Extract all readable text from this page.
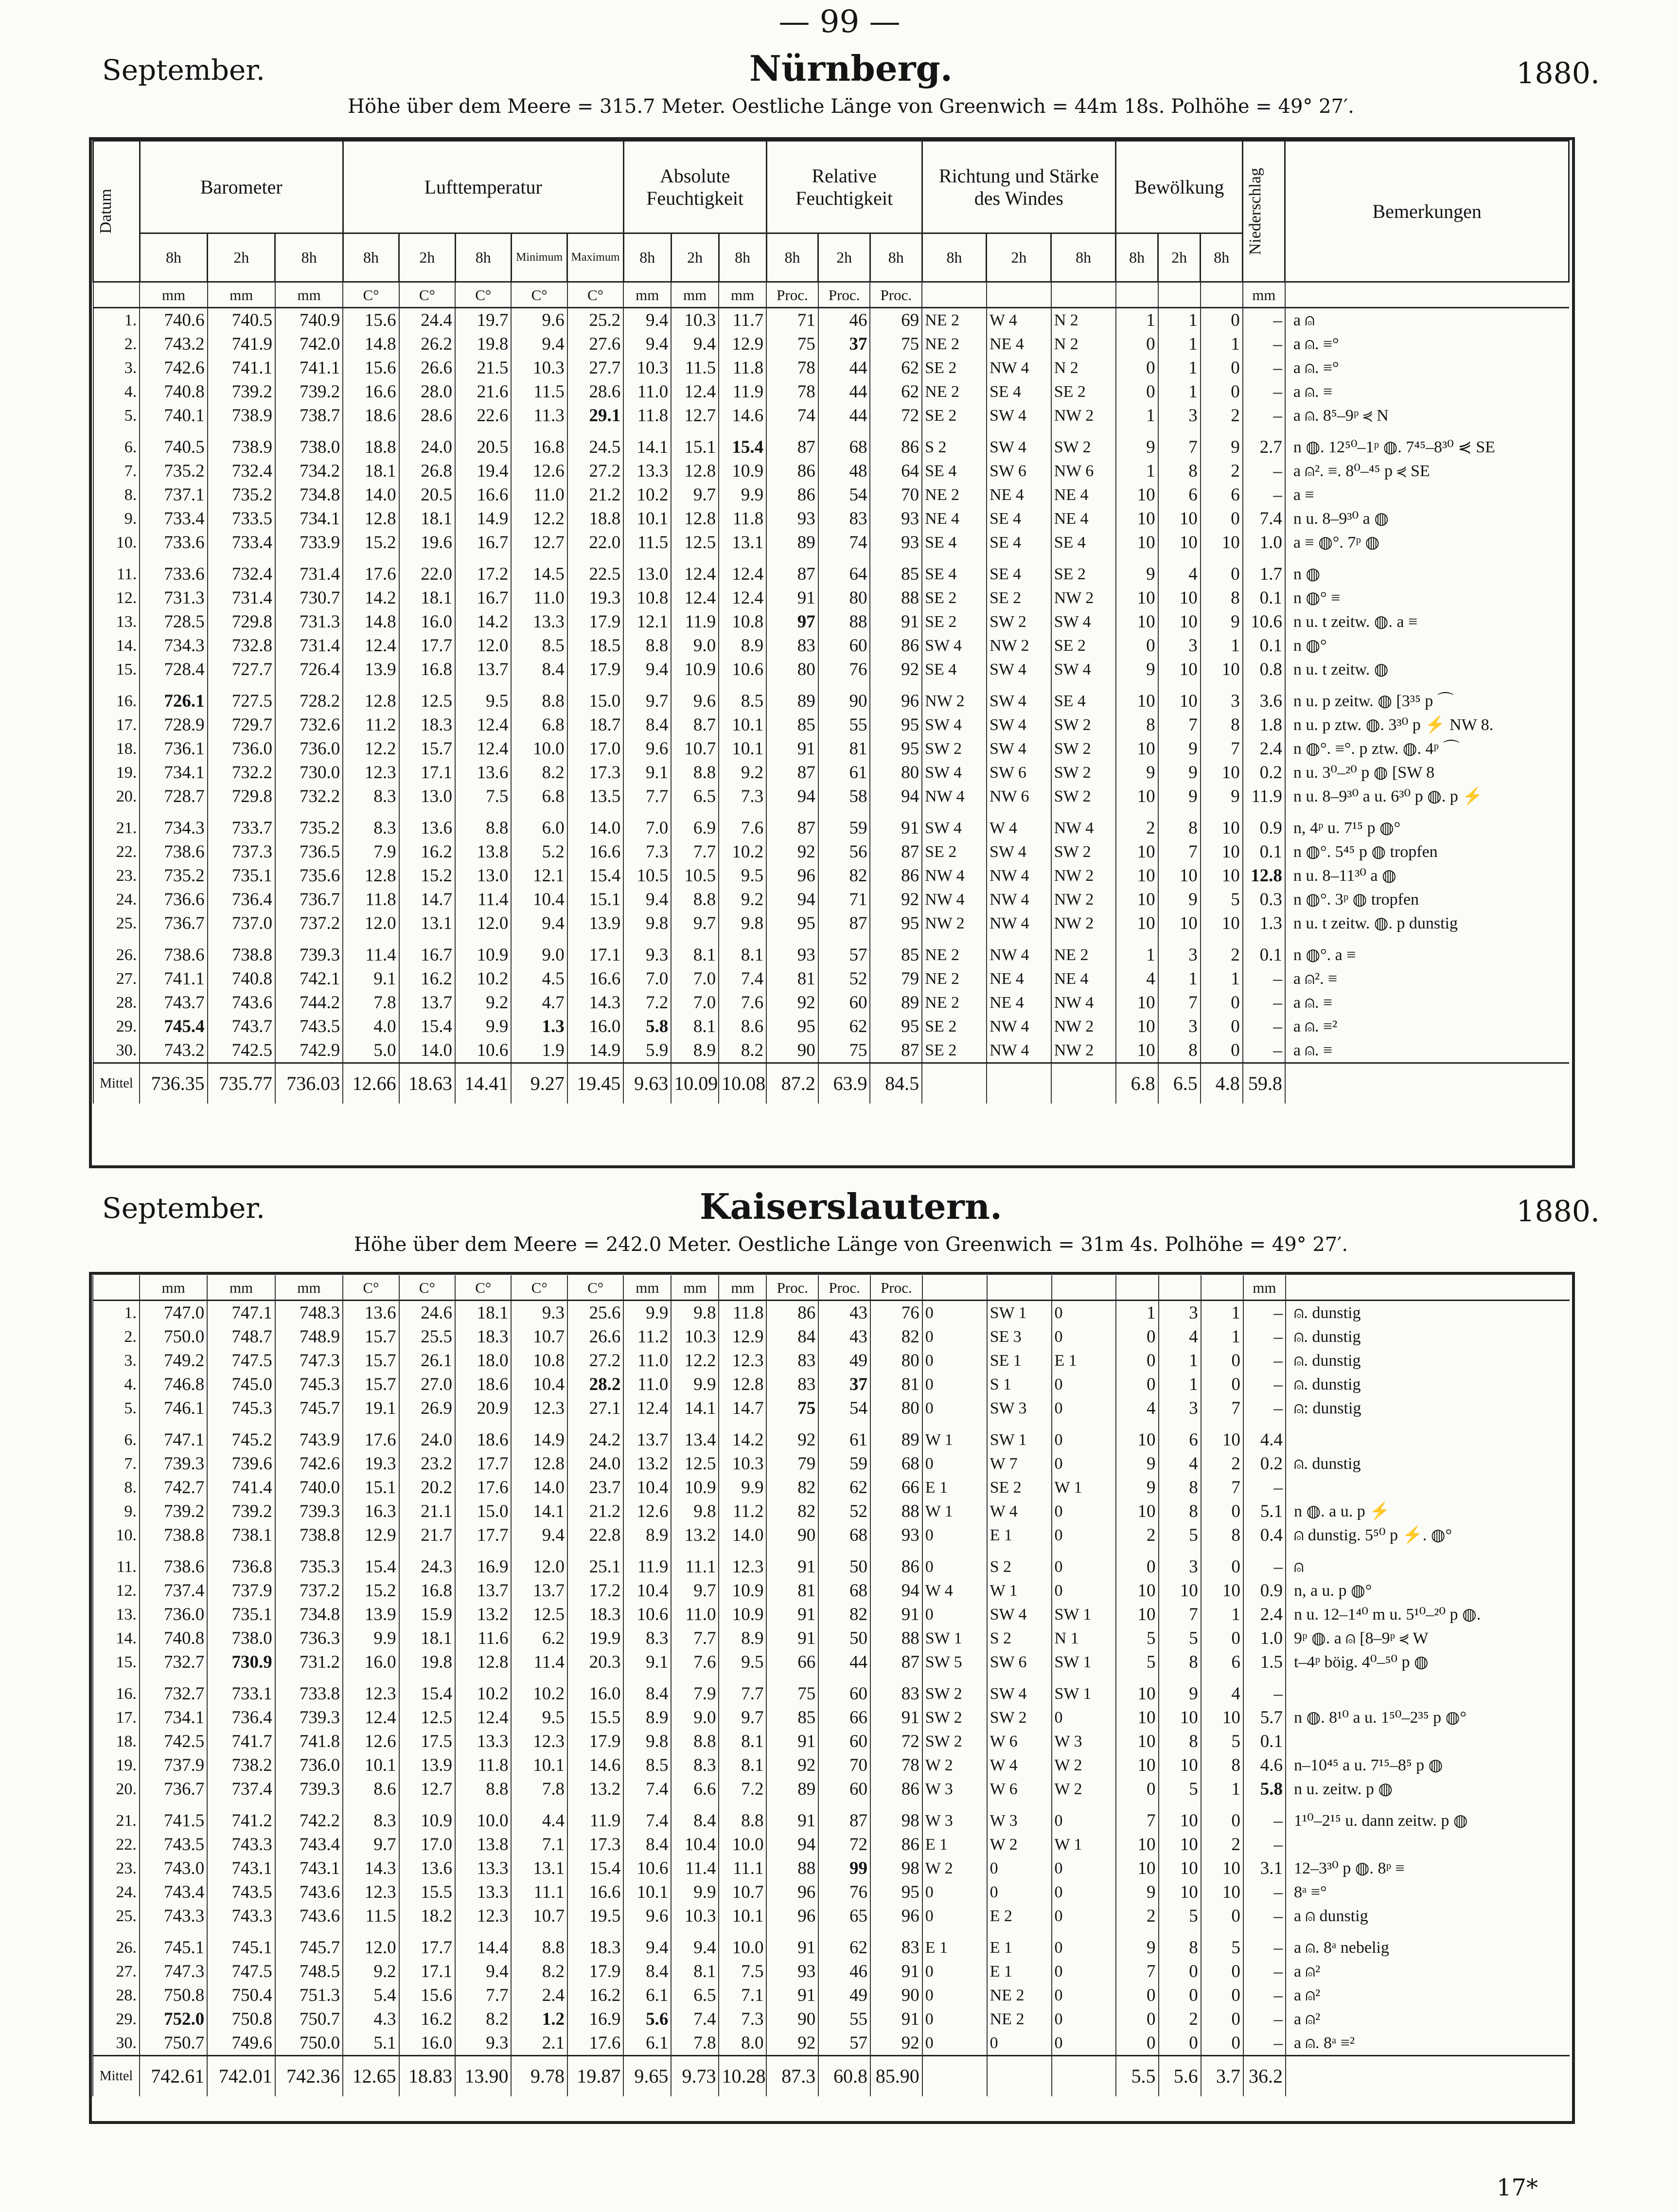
— 99 —
September.	Nürnberg.	1880.
Höhe über dem Meere = 315.7 Meter. Oestliche Länge von Greenwich = 44m 18s. Polhöhe = 49° 27′.
Datum	Barometer			Lufttemperatur					Absolute Feuchtigkeit			Relative Feuchtigkeit			Richtung und Stärke des Windes			Bewölkung			Niederschlag	Bemerkungen
	8h	2h	8h	8h	2h	8h	Minimum	Maximum	8h	2h	8h	8h	2h	8h	8h	2h	8h	8h	2h	8h		
	mm	mm	mm	C°	C°	C°	C°	C°	mm	mm	mm	Proc.	Proc.	Proc.							mm	
1.	740.6	740.5	740.9	15.6	24.4	19.7	9.6	25.2	9.4	10.3	11.7	71	46	69	NE 2	W 4	N 2	1	1	0	–	a ⍝
2.	743.2	741.9	742.0	14.8	26.2	19.8	9.4	27.6	9.4	9.4	12.9	75	37	75	NE 2	NE 4	N 2	0	1	1	–	a ⍝. ≡°
3.	742.6	741.1	741.1	15.6	26.6	21.5	10.3	27.7	10.3	11.5	11.8	78	44	62	SE 2	NW 4	N 2	0	1	0	–	a ⍝. ≡°
4.	740.8	739.2	739.2	16.6	28.0	21.6	11.5	28.6	11.0	12.4	11.9	78	44	62	NE 2	SE 4	SE 2	0	1	0	–	a ⍝. ≡
5.	740.1	738.9	738.7	18.6	28.6	22.6	11.3	29.1	11.8	12.7	14.6	74	44	72	SE 2	SW 4	NW 2	1	3	2	–	a ⍝. 8⁵–9ᵖ ⋞ N
6.	740.5	738.9	738.0	18.8	24.0	20.5	16.8	24.5	14.1	15.1	15.4	87	68	86	S 2	SW 4	SW 2	9	7	9	2.7	n ◍. 12⁵⁰–1ᵖ ◍. 7⁴⁵–8³⁰ ⋞ SE
7.	735.2	732.4	734.2	18.1	26.8	19.4	12.6	27.2	13.3	12.8	10.9	86	48	64	SE 4	SW 6	NW 6	1	8	2	–	a ⍝². ≡. 8⁰–⁴⁵ p ⋞ SE
8.	737.1	735.2	734.8	14.0	20.5	16.6	11.0	21.2	10.2	9.7	9.9	86	54	70	NE 2	NE 4	NE 4	10	6	6	–	a ≡
9.	733.4	733.5	734.1	12.8	18.1	14.9	12.2	18.8	10.1	12.8	11.8	93	83	93	NE 4	SE 4	NE 4	10	10	0	7.4	n u. 8–9³⁰ a ◍
10.	733.6	733.4	733.9	15.2	19.6	16.7	12.7	22.0	11.5	12.5	13.1	89	74	93	SE 4	SE 4	SE 4	10	10	10	1.0	a ≡ ◍°. 7ᵖ ◍
11.	733.6	732.4	731.4	17.6	22.0	17.2	14.5	22.5	13.0	12.4	12.4	87	64	85	SE 4	SE 4	SE 2	9	4	0	1.7	n ◍
12.	731.3	731.4	730.7	14.2	18.1	16.7	11.0	19.3	10.8	12.4	12.4	91	80	88	SE 2	SE 2	NW 2	10	10	8	0.1	n ◍° ≡
13.	728.5	729.8	731.3	14.8	16.0	14.2	13.3	17.9	12.1	11.9	10.8	97	88	91	SE 2	SW 2	SW 4	10	10	9	10.6	n u. t zeitw. ◍. a ≡
14.	734.3	732.8	731.4	12.4	17.7	12.0	8.5	18.5	8.8	9.0	8.9	83	60	86	SW 4	NW 2	SE 2	0	3	1	0.1	n ◍°
15.	728.4	727.7	726.4	13.9	16.8	13.7	8.4	17.9	9.4	10.9	10.6	80	76	92	SE 4	SW 4	SW 4	9	10	10	0.8	n u. t zeitw. ◍
16.	726.1	727.5	728.2	12.8	12.5	9.5	8.8	15.0	9.7	9.6	8.5	89	90	96	NW 2	SW 4	SE 4	10	10	3	3.6	n u. p zeitw. ◍ [3³⁵ p ⌒
17.	728.9	729.7	732.6	11.2	18.3	12.4	6.8	18.7	8.4	8.7	10.1	85	55	95	SW 4	SW 4	SW 2	8	7	8	1.8	n u. p ztw. ◍. 3³⁰ p ⚡ NW 8.
18.	736.1	736.0	736.0	12.2	15.7	12.4	10.0	17.0	9.6	10.7	10.1	91	81	95	SW 2	SW 4	SW 2	10	9	7	2.4	n ◍°. ≡°. p ztw. ◍. 4ᵖ ⌒
19.	734.1	732.2	730.0	12.3	17.1	13.6	8.2	17.3	9.1	8.8	9.2	87	61	80	SW 4	SW 6	SW 2	9	9	10	0.2	n u. 3⁰–²⁰ p ◍ [SW 8
20.	728.7	729.8	732.2	8.3	13.0	7.5	6.8	13.5	7.7	6.5	7.3	94	58	94	NW 4	NW 6	SW 2	10	9	9	11.9	n u. 8–9³⁰ a u. 6³⁰ p ◍. p ⚡
21.	734.3	733.7	735.2	8.3	13.6	8.8	6.0	14.0	7.0	6.9	7.6	87	59	91	SW 4	W 4	NW 4	2	8	10	0.9	n, 4ᵖ u. 7¹⁵ p ◍°
22.	738.6	737.3	736.5	7.9	16.2	13.8	5.2	16.6	7.3	7.7	10.2	92	56	87	SE 2	SW 4	SW 2	10	7	10	0.1	n ◍°. 5⁴⁵ p ◍ tropfen
23.	735.2	735.1	735.6	12.8	15.2	13.0	12.1	15.4	10.5	10.5	9.5	96	82	86	NW 4	NW 4	NW 2	10	10	10	12.8	n u. 8–11³⁰ a ◍
24.	736.6	736.4	736.7	11.8	14.7	11.4	10.4	15.1	9.4	8.8	9.2	94	71	92	NW 4	NW 4	NW 2	10	9	5	0.3	n ◍°. 3ᵖ ◍ tropfen
25.	736.7	737.0	737.2	12.0	13.1	12.0	9.4	13.9	9.8	9.7	9.8	95	87	95	NW 2	NW 4	NW 2	10	10	10	1.3	n u. t zeitw. ◍. p dunstig
26.	738.6	738.8	739.3	11.4	16.7	10.9	9.0	17.1	9.3	8.1	8.1	93	57	85	NE 2	NW 4	NE 2	1	3	2	0.1	n ◍°. a ≡
27.	741.1	740.8	742.1	9.1	16.2	10.2	4.5	16.6	7.0	7.0	7.4	81	52	79	NE 2	NE 4	NE 4	4	1	1	–	a ⍝². ≡
28.	743.7	743.6	744.2	7.8	13.7	9.2	4.7	14.3	7.2	7.0	7.6	92	60	89	NE 2	NE 4	NW 4	10	7	0	–	a ⍝. ≡
29.	745.4	743.7	743.5	4.0	15.4	9.9	1.3	16.0	5.8	8.1	8.6	95	62	95	SE 2	NW 4	NW 2	10	3	0	–	a ⍝. ≡²
30.	743.2	742.5	742.9	5.0	14.0	10.6	1.9	14.9	5.9	8.9	8.2	90	75	87	SE 2	NW 4	NW 2	10	8	0	–	a ⍝. ≡
Mittel	736.35	735.77	736.03	12.66	18.63	14.41	9.27	19.45	9.63	10.09	10.08	87.2	63.9	84.5				6.8	6.5	4.8	59.8	
September.	Kaiserslautern.	1880.
Höhe über dem Meere = 242.0 Meter. Oestliche Länge von Greenwich = 31m 4s. Polhöhe = 49° 27′.
	mm	mm	mm	C°	C°	C°	C°	C°	mm	mm	mm	Proc.	Proc.	Proc.							mm	
1.	747.0	747.1	748.3	13.6	24.6	18.1	9.3	25.6	9.9	9.8	11.8	86	43	76	0	SW 1	0	1	3	1	–	⍝. dunstig
2.	750.0	748.7	748.9	15.7	25.5	18.3	10.7	26.6	11.2	10.3	12.9	84	43	82	0	SE 3	0	0	4	1	–	⍝. dunstig
3.	749.2	747.5	747.3	15.7	26.1	18.0	10.8	27.2	11.0	12.2	12.3	83	49	80	0	SE 1	E 1	0	1	0	–	⍝. dunstig
4.	746.8	745.0	745.3	15.7	27.0	18.6	10.4	28.2	11.0	9.9	12.8	83	37	81	0	S 1	0	0	1	0	–	⍝. dunstig
5.	746.1	745.3	745.7	19.1	26.9	20.9	12.3	27.1	12.4	14.1	14.7	75	54	80	0	SW 3	0	4	3	7	–	⍝: dunstig
6.	747.1	745.2	743.9	17.6	24.0	18.6	14.9	24.2	13.7	13.4	14.2	92	61	89	W 1	SW 1	0	10	6	10	4.4	
7.	739.3	739.6	742.6	19.3	23.2	17.7	12.8	24.0	13.2	12.5	10.3	79	59	68	0	W 7	0	9	4	2	0.2	⍝. dunstig
8.	742.7	741.4	740.0	15.1	20.2	17.6	14.0	23.7	10.4	10.9	9.9	82	62	66	E 1	SE 2	W 1	9	8	7	–	
9.	739.2	739.2	739.3	16.3	21.1	15.0	14.1	21.2	12.6	9.8	11.2	82	52	88	W 1	W 4	0	10	8	0	5.1	n ◍. a u. p ⚡
10.	738.8	738.1	738.8	12.9	21.7	17.7	9.4	22.8	8.9	13.2	14.0	90	68	93	0	E 1	0	2	5	8	0.4	⍝ dunstig. 5⁵⁰ p ⚡. ◍°
11.	738.6	736.8	735.3	15.4	24.3	16.9	12.0	25.1	11.9	11.1	12.3	91	50	86	0	S 2	0	0	3	0	–	⍝
12.	737.4	737.9	737.2	15.2	16.8	13.7	13.7	17.2	10.4	9.7	10.9	81	68	94	W 4	W 1	0	10	10	10	0.9	n, a u. p ◍°
13.	736.0	735.1	734.8	13.9	15.9	13.2	12.5	18.3	10.6	11.0	10.9	91	82	91	0	SW 4	SW 1	10	7	1	2.4	n u. 12–1⁴⁰ m u. 5¹⁰–²⁰ p ◍.
14.	740.8	738.0	736.3	9.9	18.1	11.6	6.2	19.9	8.3	7.7	8.9	91	50	88	SW 1	S 2	N 1	5	5	0	1.0	9ᵖ ◍. a ⍝ [8–9ᵖ ⋞ W
15.	732.7	730.9	731.2	16.0	19.8	12.8	11.4	20.3	9.1	7.6	9.5	66	44	87	SW 5	SW 6	SW 1	5	8	6	1.5	t–4ᵖ böig. 4⁰–⁵⁰ p ◍
16.	732.7	733.1	733.8	12.3	15.4	10.2	10.2	16.0	8.4	7.9	7.7	75	60	83	SW 2	SW 4	SW 1	10	9	4	–	
17.	734.1	736.4	739.3	12.4	12.5	12.4	9.5	15.5	8.9	9.0	9.7	85	66	91	SW 2	SW 2	0	10	10	10	5.7	n ◍. 8¹⁰ a u. 1⁵⁰–2³⁵ p ◍°
18.	742.5	741.7	741.8	12.6	17.5	13.3	12.3	17.9	9.8	8.8	8.1	91	60	72	SW 2	W 6	W 3	10	8	5	0.1	
19.	737.9	738.2	736.0	10.1	13.9	11.8	10.1	14.6	8.5	8.3	8.1	92	70	78	W 2	W 4	W 2	10	10	8	4.6	n–10⁴⁵ a u. 7¹⁵–8⁵ p ◍
20.	736.7	737.4	739.3	8.6	12.7	8.8	7.8	13.2	7.4	6.6	7.2	89	60	86	W 3	W 6	W 2	0	5	1	5.8	n u. zeitw. p ◍
21.	741.5	741.2	742.2	8.3	10.9	10.0	4.4	11.9	7.4	8.4	8.8	91	87	98	W 3	W 3	0	7	10	0	–	1¹⁰–2¹⁵ u. dann zeitw. p ◍
22.	743.5	743.3	743.4	9.7	17.0	13.8	7.1	17.3	8.4	10.4	10.0	94	72	86	E 1	W 2	W 1	10	10	2	–	
23.	743.0	743.1	743.1	14.3	13.6	13.3	13.1	15.4	10.6	11.4	11.1	88	99	98	W 2	0	0	10	10	10	3.1	12–3³⁰ p ◍. 8ᵖ ≡
24.	743.4	743.5	743.6	12.3	15.5	13.3	11.1	16.6	10.1	9.9	10.7	96	76	95	0	0	0	9	10	10	–	8ᵃ ≡°
25.	743.3	743.3	743.6	11.5	18.2	12.3	10.7	19.5	9.6	10.3	10.1	96	65	96	0	E 2	0	2	5	0	–	a ⍝ dunstig
26.	745.1	745.1	745.7	12.0	17.7	14.4	8.8	18.3	9.4	9.4	10.0	91	62	83	E 1	E 1	0	9	8	5	–	a ⍝. 8ᵃ nebelig
27.	747.3	747.5	748.5	9.2	17.1	9.4	8.2	17.9	8.4	8.1	7.5	93	46	91	0	E 1	0	7	0	0	–	a ⍝²
28.	750.8	750.4	751.3	5.4	15.6	7.7	2.4	16.2	6.1	6.5	7.1	91	49	90	0	NE 2	0	0	0	0	–	a ⍝²
29.	752.0	750.8	750.7	4.3	16.2	8.2	1.2	16.9	5.6	7.4	7.3	90	55	91	0	NE 2	0	0	2	0	–	a ⍝²
30.	750.7	749.6	750.0	5.1	16.0	9.3	2.1	17.6	6.1	7.8	8.0	92	57	92	0	0	0	0	0	0	–	a ⍝. 8ᵃ ≡²
Mittel	742.61	742.01	742.36	12.65	18.83	13.90	9.78	19.87	9.65	9.73	10.28	87.3	60.8	85.90				5.5	5.6	3.7	36.2	
17*
